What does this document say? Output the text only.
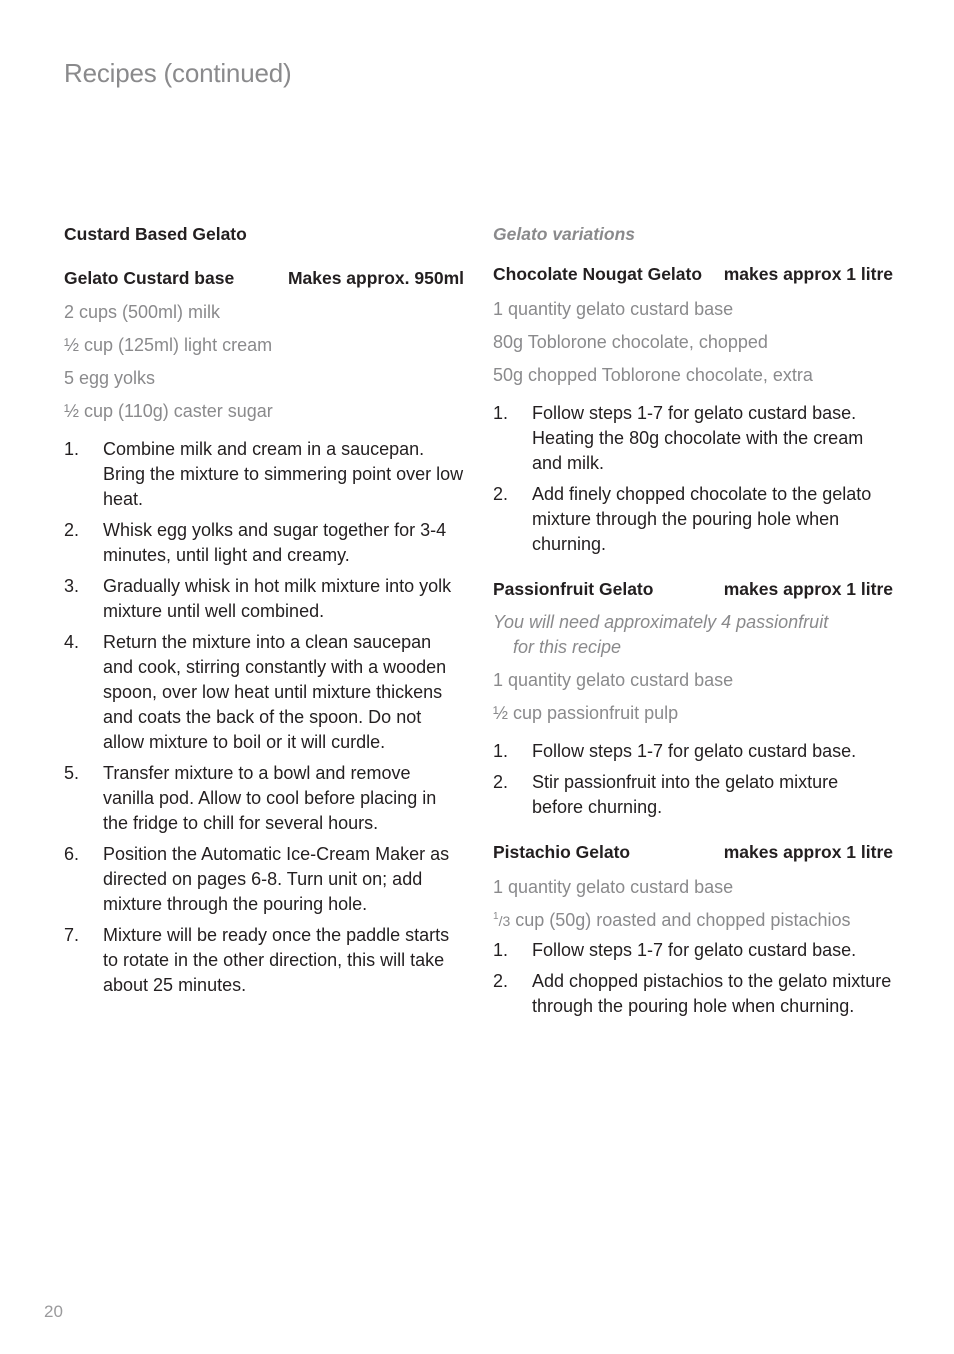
Recipes (continued)
Custard Based Gelato
Gelato Custard base	Makes approx. 950ml

2 cups (500ml) milk

½ cup (125ml) light cream

5 egg yolks

½ cup (110g) caster sugar

1.	Combine milk and cream in a saucepan. Bring the mixture to simmering point over low heat.
2.	Whisk egg yolks and sugar together for 3-4 minutes, until light and creamy.
3.	Gradually whisk in hot milk mixture into yolk mixture until well combined.
4.	Return the mixture into a clean saucepan and cook, stirring constantly with a wooden spoon, over low heat until mixture thickens and coats the back of the spoon. Do not allow mixture to boil or it will curdle.
5.	Transfer mixture to a bowl and remove vanilla pod. Allow to cool before placing in the fridge to chill for several hours.
6.	Position the Automatic Ice-Cream Maker as directed on pages 6-8. Turn unit on; add mixture through the pouring hole.
7.	Mixture will be ready once the paddle starts to rotate in the other direction, this will take about 25 minutes.
Gelato variations
Chocolate Nougat Gelato makes approx 1 litre

1 quantity gelato custard base

80g Toblorone chocolate, chopped

50g chopped Toblorone chocolate, extra

1.	Follow steps 1-7 for gelato custard base. Heating the 80g chocolate with the cream and milk.
2.	Add finely chopped chocolate to the gelato mixture through the pouring hole when churning.
Passionfruit Gelato	makes approx 1 litre

You will need approximately 4 passionfruit
for this recipe

1 quantity gelato custard base

½ cup passionfruit pulp

1.	Follow steps 1-7 for gelato custard base.
2.	Stir passionfruit into the gelato mixture before churning.
Pistachio Gelato	makes approx 1 litre

1 quantity gelato custard base

$^1$/3 cup (50g) roasted and chopped pistachios

1.	Follow steps 1-7 for gelato custard base.
2.	Add chopped pistachios to the gelato mixture through the pouring hole when churning.
20
